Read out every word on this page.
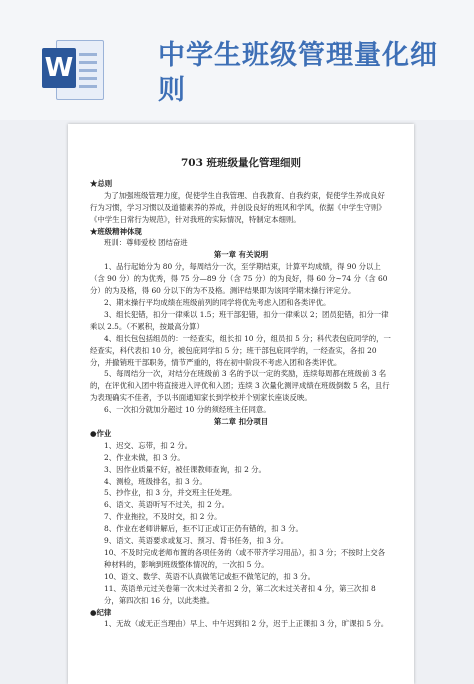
W	中学生班级管理量化细则
703 班班级量化管理细则
★总则
为了加强班级管理力度，促使学生自我管理、自我教育、自我约束，促使学生养成良好行为习惯，学习习惯以及道德素养的养成，并创设良好的班风和学风，依据《中学生守则》《中学生日常行为规范》，针对我班的实际情况，特制定本细则。
★班级精神体现
班训：尊师爱校 团结奋进
第一章 有关说明
1、品行起始分为 80 分，每周结分一次，至学期结束，计算平均成绩，得 90 分以上（含 90 分）的为优秀，得 75 分—89 分（含 75 分）的为良好，得 60 分~74 分（含 60 分）的为及格，得 60 分以下的为不及格。测评结果即为该同学期末操行评定分。
2、期末操行平均成绩在班级前列的同学将优先考虑入团和各类评优。
3、组长犯错，扣分一律乘以 1.5；班干部犯错，扣分一律乘以 2；团员犯错，扣分一律乘以 2.5。（不累积，按最高分算）
4、组长包包括组员的：一经查实，组长扣 10 分，组员扣 5 分；科代表包庇同学的，一经查实，科代表扣 10 分，被包庇同学扣 5 分；班干部包庇同学的，一经查实，各扣 20 分，并撤销班干部职务，情节严重的，将在初中阶段不考虑入团和各类评优。
5、每周结分一次，对结分在班级前 3 名的予以一定的奖励，连续每周都在班级前 3 名的，在评优和入团中将直接进入评优和入团；连续 3 次量化测评成绩在班级倒数 5 名，且行为表现确实不佳者，予以书面通知家长到学校并个别家长座谈反映。
6、一次扣分就加分超过 10 分的须经班主任同意。
第二章 扣分项目
●作业
1、迟交、忘带，扣 2 分。
2、作业未做，扣 3 分。
3、因作业质量不好，被任课教师查询，扣 2 分。
4、测检，班级排名，扣 3 分。
5、抄作业，扣 3 分，并交班主任处理。
6、语文、英语听写不过关，扣 2 分。
7、作业拖拉，不及时交，扣 2 分。
8、作业在老师讲解后，拒不订正或订正仍有错的，扣 3 分。
9、语文、英语要求或复习、预习、背书任务，扣 3 分。
10、不及时完成老师布置的各项任务的（或不带齐学习用品），扣 3 分；不按时上交各种材料的，影响到班级整体情况的，一次扣 5 分。
10、语文、数学、英语不认真做笔记或拒不做笔记的，扣 3 分。
11、英语单元过关卷第一次未过关者扣 2 分，第二次未过关者扣 4 分，第三次扣 8 分，第四次扣 16 分，以此类推。
●纪律
1、无故（或无正当理由）早上、中午迟到扣 2 分，迟于上正课扣 3 分，旷课扣 5 分。
